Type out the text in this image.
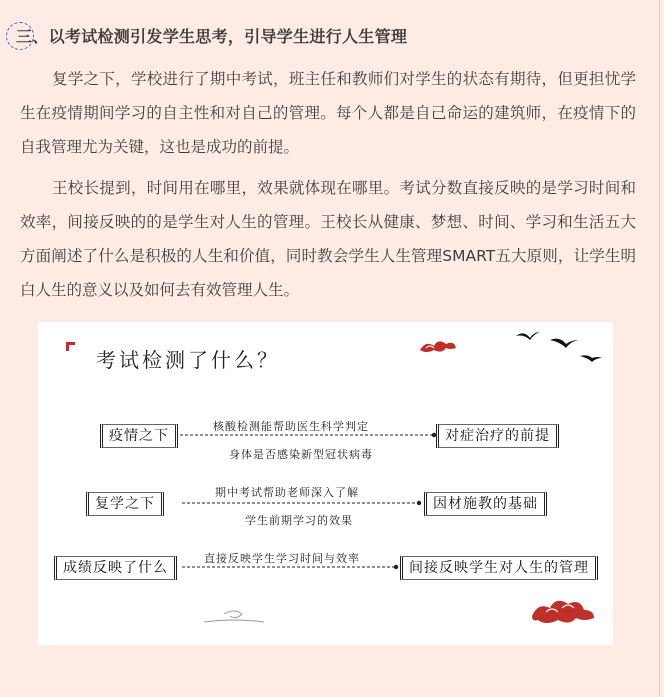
三、以考试检测引发学生思考，引导学生进行人生管理

复学之下，学校进行了期中考试，班主任和教师们对学生的状态有期待，但更担忧学生在疫情期间学习的自主性和对自己的管理。每个人都是自己命运的建筑师，在疫情下的自我管理尤为关键，这也是成功的前提。

王校长提到，时间用在哪里，效果就体现在哪里。考试分数直接反映的是学习时间和效率，间接反映的的是学生对人生的管理。王校长从健康、梦想、时间、学习和生活五大方面阐述了什么是积极的人生和价值，同时教会学生人生管理SMART五大原则，让学生明白人生的意义以及如何去有效管理人生。

考试检测了什么？
疫情之下
核酸检测能帮助医生科学判定
身体是否感染新型冠状病毒
对症治疗的前提
复学之下
期中考试帮助老师深入了解
学生前期学习的效果
因材施教的基础
成绩反映了什么
直接反映学生学习时间与效率
间接反映学生对人生的管理
